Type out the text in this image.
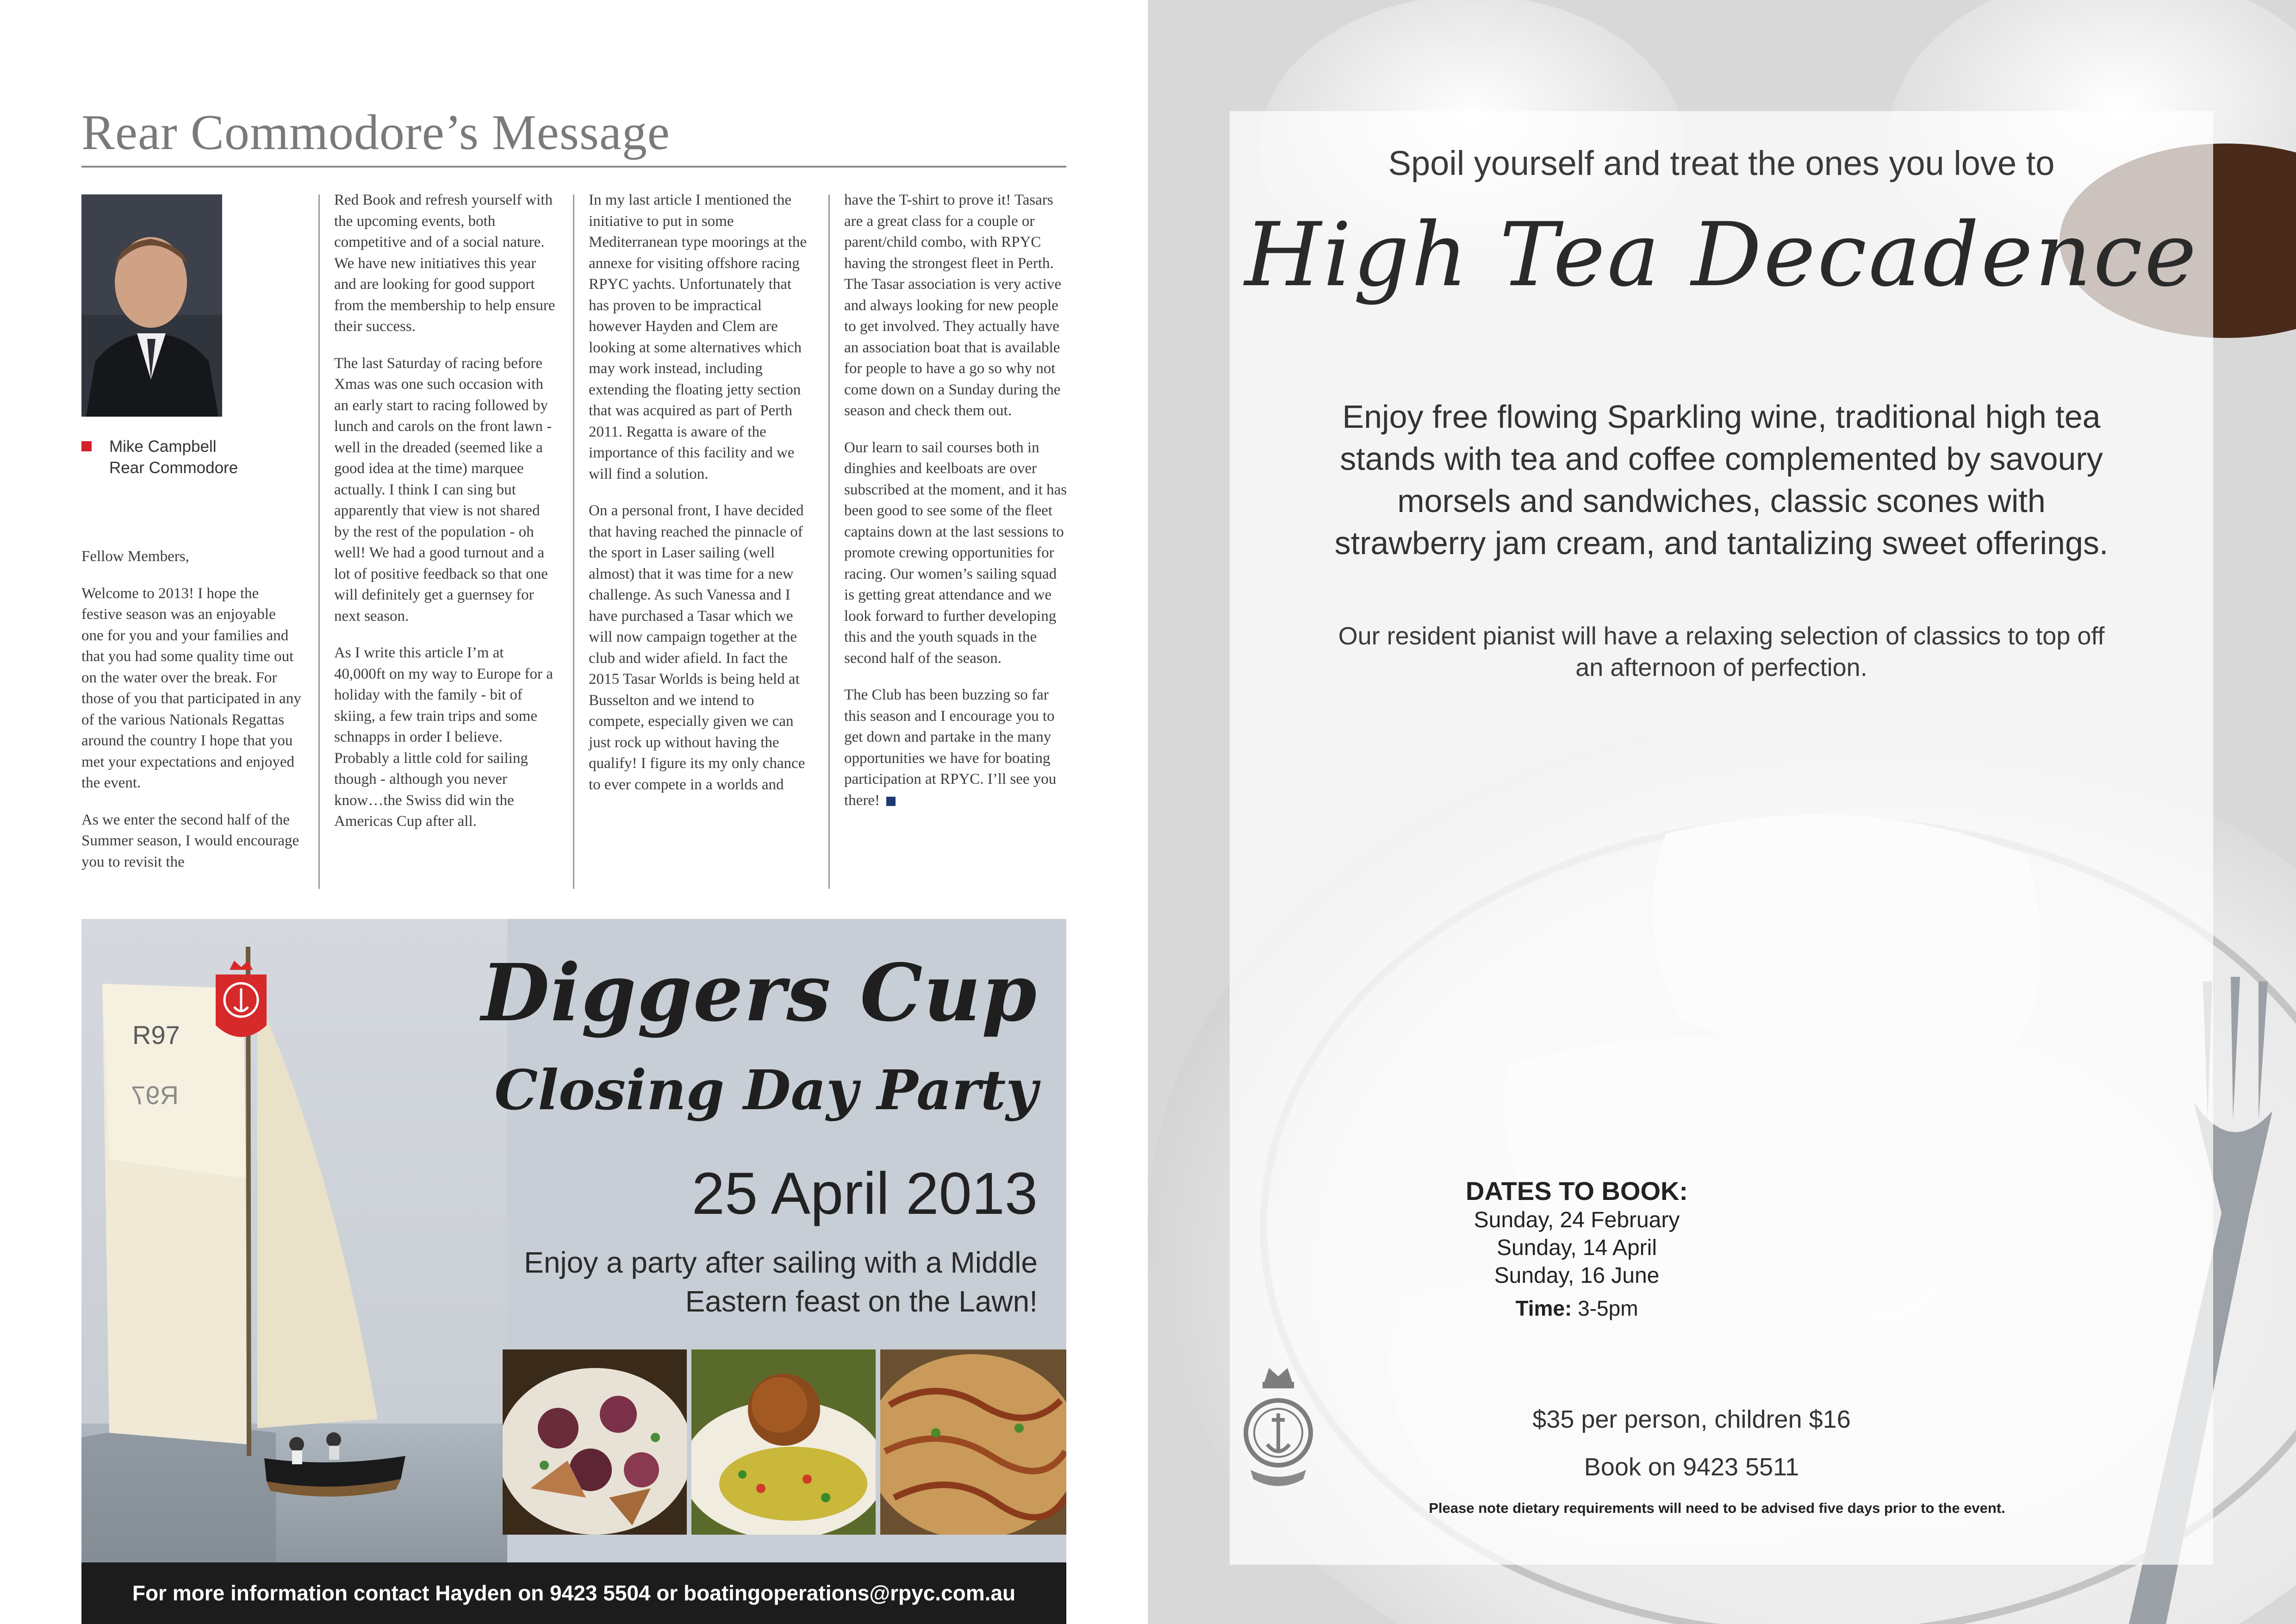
Rear Commodore’s Message
Mike Campbell
Rear Commodore

Fellow Members,

Welcome to 2013! I hope the festive season was an enjoyable one for you and your families and that you had some quality time out on the water over the break. For those of you that participated in any of the various Nationals Regattas around the country I hope that you met your expectations and enjoyed the event.

As we enter the second half of the Summer season, I would encourage you to revisit the

Red Book and refresh yourself with the upcoming events, both competitive and of a social nature. We have new initiatives this year and are looking for good support from the membership to help ensure their success.

The last Saturday of racing before Xmas was one such occasion with an early start to racing followed by lunch and carols on the front lawn - well in the dreaded (seemed like a good idea at the time) marquee actually. I think I can sing but apparently that view is not shared by the rest of the population - oh well! We had a good turnout and a lot of positive feedback so that one will definitely get a guernsey for next season.

As I write this article I’m at 40,000ft on my way to Europe for a holiday with the family - bit of skiing, a few train trips and some schnapps in order I believe. Probably a little cold for sailing though - although you never know…the Swiss did win the Americas Cup after all.

In my last article I mentioned the initiative to put in some Mediterranean type moorings at the annexe for visiting offshore racing RPYC yachts. Unfortunately that has proven to be impractical however Hayden and Clem are looking at some alternatives which may work instead, including extending the floating jetty section that was acquired as part of Perth 2011. Regatta is aware of the importance of this facility and we will find a solution.

On a personal front, I have decided that having reached the pinnacle of the sport in Laser sailing (well almost) that it was time for a new challenge. As such Vanessa and I have purchased a Tasar which we will now campaign together at the club and wider afield. In fact the 2015 Tasar Worlds is being held at Busselton and we intend to compete, especially given we can just rock up without having the qualify! I figure its my only chance to ever compete in a worlds and

have the T-shirt to prove it! Tasars are a great class for a couple or parent/child combo, with RPYC having the strongest fleet in Perth. The Tasar association is very active and always looking for new people to get involved. They actually have an association boat that is available for people to have a go so why not come down on a Sunday during the season and check them out.

Our learn to sail courses both in dinghies and keelboats are over subscribed at the moment, and it has been good to see some of the fleet captains down at the last sessions to promote crewing opportunities for racing. Our women’s sailing squad is getting great attendance and we look forward to further developing this and the youth squads in the second half of the season.

The Club has been buzzing so far this season and I encourage you to get down and partake in the many opportunities we have for boating participation at RPYC. I’ll see you there!

R97
R97
Diggers Cup
Closing Day Party
25 April 2013
Enjoy a party after sailing with a Middle Eastern feast on the Lawn!
For more information contact Hayden on 9423 5504 or boatingoperations@rpyc.com.au
Spoil yourself and treat the ones you love to
High Tea Decadence
Enjoy free flowing Sparkling wine, traditional high tea stands with tea and coffee complemented by savoury morsels and sandwiches, classic scones with strawberry jam cream, and tantalizing sweet offerings.
Our resident pianist will have a relaxing selection of classics to top off an afternoon of perfection.
DATES TO BOOK:
Sunday, 24 February
Sunday, 14 April
Sunday, 16 June
Time: 3-5pm
$35 per person, children $16
Book on 9423 5511
Please note dietary requirements will need to be advised five days prior to the event.
